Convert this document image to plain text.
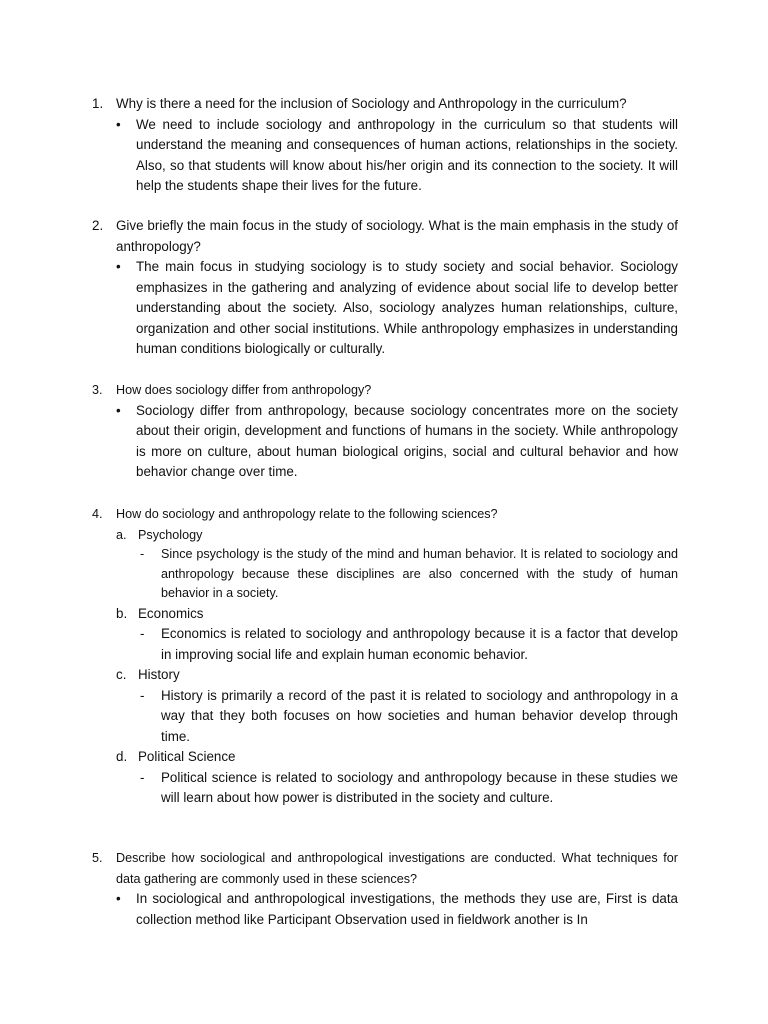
1. Why is there a need for the inclusion of Sociology and Anthropology in the curriculum?
• We need to include sociology and anthropology in the curriculum so that students will understand the meaning and consequences of human actions, relationships in the society. Also, so that students will know about his/her origin and its connection to the society. It will help the students shape their lives for the future.
2. Give briefly the main focus in the study of sociology. What is the main emphasis in the study of anthropology?
• The main focus in studying sociology is to study society and social behavior. Sociology emphasizes in the gathering and analyzing of evidence about social life to develop better understanding about the society. Also, sociology analyzes human relationships, culture, organization and other social institutions. While anthropology emphasizes in understanding human conditions biologically or culturally.
3. How does sociology differ from anthropology?
• Sociology differ from anthropology, because sociology concentrates more on the society about their origin, development and functions of humans in the society. While anthropology is more on culture, about human biological origins, social and cultural behavior and how behavior change over time.
4. How do sociology and anthropology relate to the following sciences?
a. Psychology
- Since psychology is the study of the mind and human behavior. It is related to sociology and anthropology because these disciplines are also concerned with the study of human behavior in a society.
b. Economics
- Economics is related to sociology and anthropology because it is a factor that develop in improving social life and explain human economic behavior.
c. History
- History is primarily a record of the past it is related to sociology and anthropology in a way that they both focuses on how societies and human behavior develop through time.
d. Political Science
- Political science is related to sociology and anthropology because in these studies we will learn about how power is distributed in the society and culture.
5. Describe how sociological and anthropological investigations are conducted. What techniques for data gathering are commonly used in these sciences?
• In sociological and anthropological investigations, the methods they use are, First is data collection method like Participant Observation used in fieldwork another is In
